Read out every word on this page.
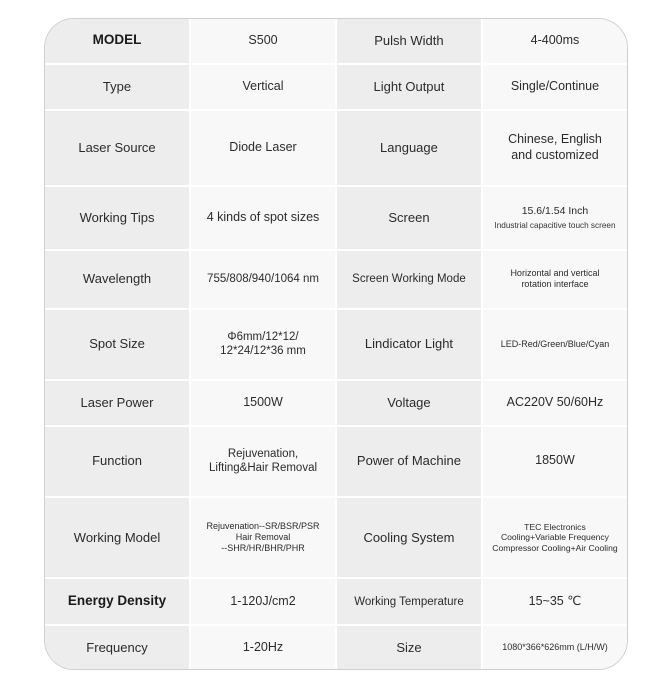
MODEL	S500	Pulsh Width	4-400ms
Type	Vertical	Light Output	Single/Continue
Laser Source	Diode Laser	Language	Chinese, English
and customized

Working Tips	4 kinds of spot sizes	Screen	15.6/1.54 Inch
Industrial capacitive touch screen

Wavelength	755/808/940/1064 nm	Screen Working Mode	Horizontal and vertical
rotation interface

Spot Size	Φ6mm/12*12/
12*24/12*36 mm	Lindicator Light	LED-Red/Green/Blue/Cyan
Laser Power	1500W	Voltage	AC220V 50/60Hz
Function	Rejuvenation,
Lifting&Hair Removal	Power of Machine	1850W
Working Model	Rejuvenation--SR/BSR/PSR
Hair Removal
--SHR/HR/BHR/PHR	Cooling System	TEC Electronics
Cooling+Variable Frequency
Compressor Cooling+Air Cooling

Energy Density	1-120J/cm2	Working Temperature	15~35 ℃
Frequency	1-20Hz	Size	1080*366*626mm (L/H/W)
